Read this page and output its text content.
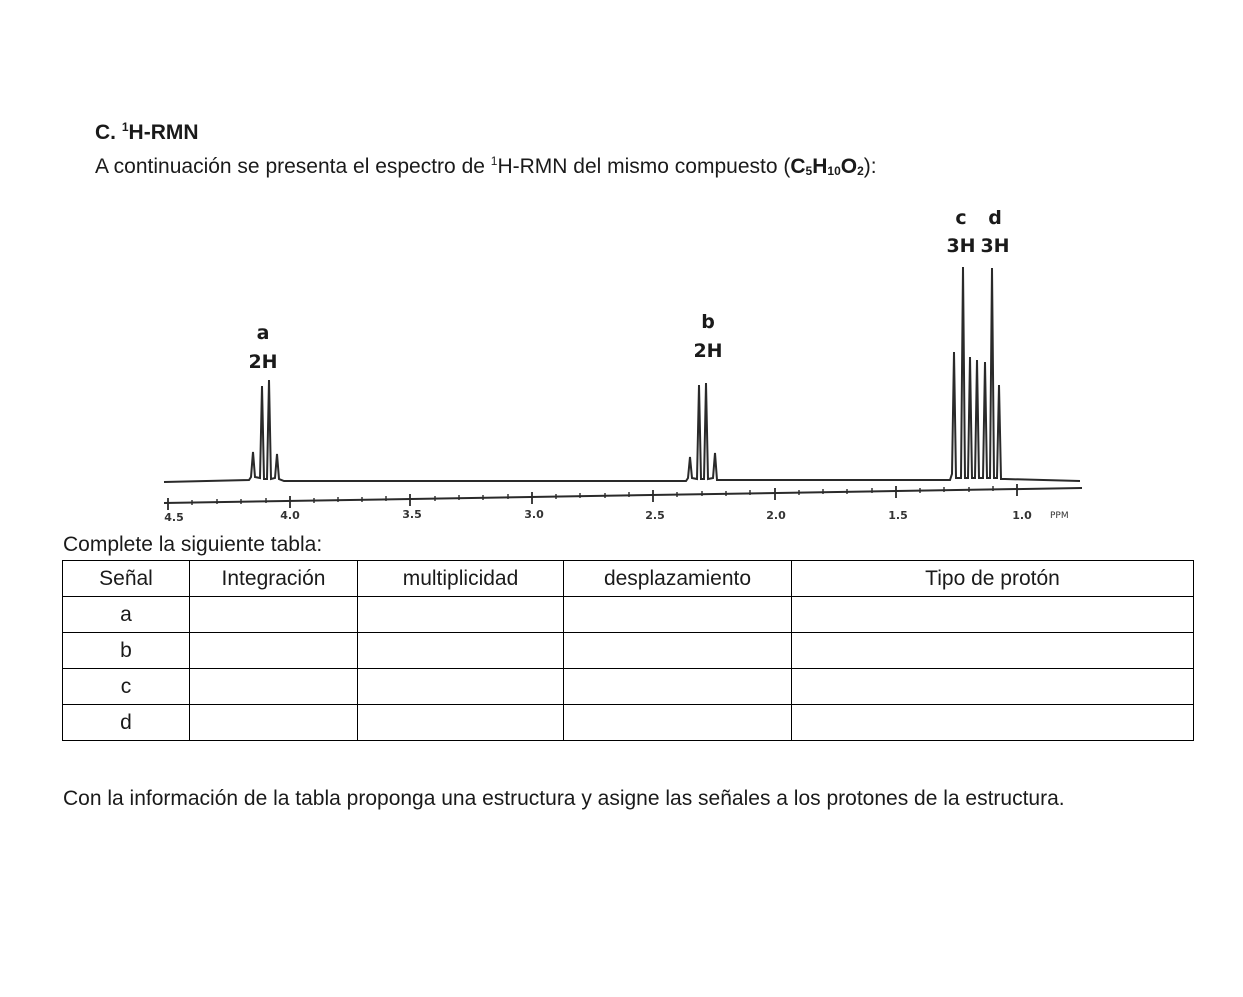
C. $^1$H-RMN
A continuación se presenta el espectro de $^1$H-RMN del mismo compuesto $(C_5H_{10}O_2)$:
4.5	4.0	3.5	3.0	2.5	2.0	1.5	1.0 PPM
a
2H
b
2H
c
3H
d
3H
Complete la siguiente tabla:
Señal	Integración	multiplicidad	desplazamiento	Tipo de protón
a				
b				
c				
d				
Con la información de la tabla proponga una estructura y asigne las señales a los protones de la estructura.
